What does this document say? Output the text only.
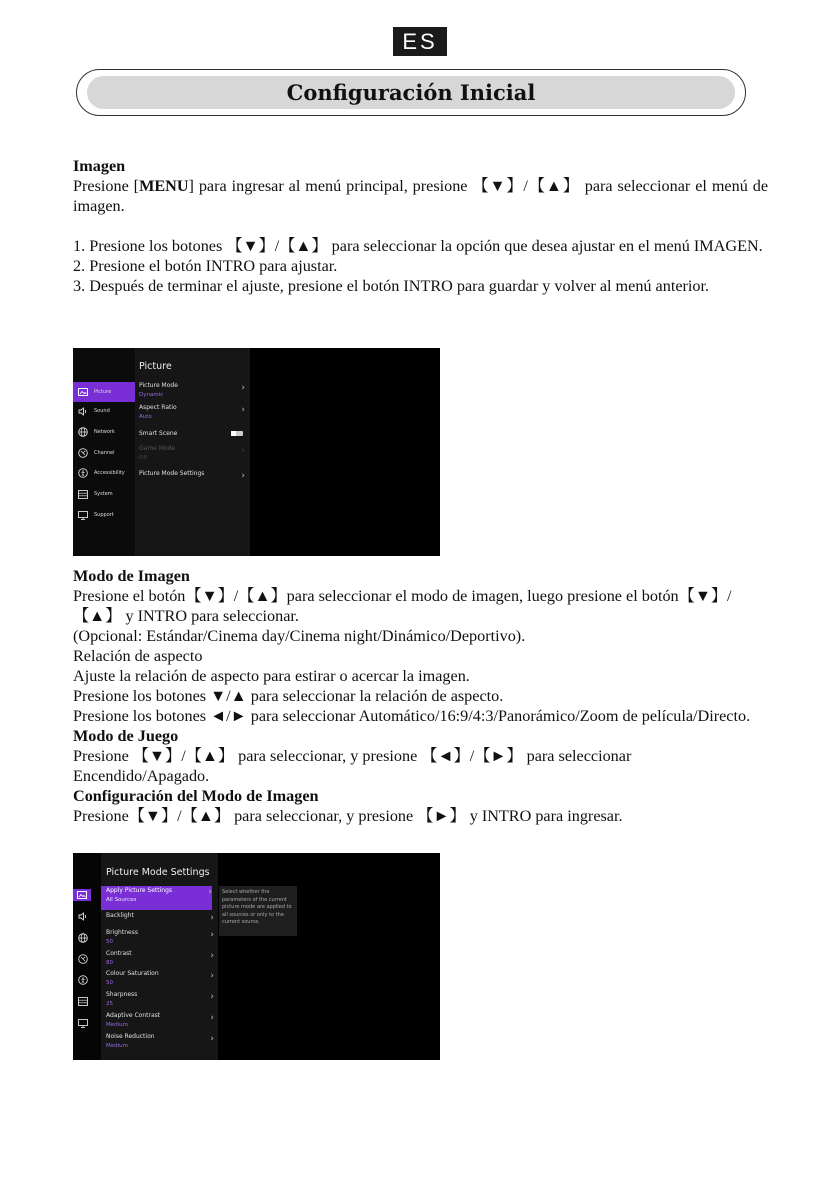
ES
Configuración Inicial

Imagen

Presione [MENU] para ingresar al menú principal, presione 【▼】/【▲】 para seleccionar el menú de imagen.

1. Presione los botones 【▼】/【▲】 para seleccionar la opción que desea ajustar en el menú IMAGEN.

2. Presione el botón INTRO para ajustar.

3. Después de terminar el ajuste, presione el botón INTRO para guardar y volver al menú anterior.

Picture
Sound
Network
Channel
Accessibility
System
Support
Picture
Picture Mode
Dynamic
›
Aspect Ratio
Auto
›
Smart Scene
Game Mode
Off
›
Picture Mode Settings	›

Modo de Imagen

Presione el botón【▼】/【▲】para seleccionar el modo de imagen, luego presione el botón【▼】/【▲】 y INTRO para seleccionar.

(Opcional: Estándar/Cinema day/Cinema night/Dinámico/Deportivo).

Relación de aspecto

Ajuste la relación de aspecto para estirar o acercar la imagen.

Presione los botones ▼/▲ para seleccionar la relación de aspecto.

Presione los botones ◄/► para seleccionar Automático/16:9/4:3/Panorámico/Zoom de película/Directo.

Modo de Juego

Presione 【▼】/【▲】 para seleccionar, y presione 【◄】/【►】 para seleccionar Encendido/Apagado.

Configuración del Modo de Imagen

Presione【▼】/【▲】 para seleccionar, y presione 【►】 y INTRO para ingresar.

Picture Mode Settings
Apply Picture Settings
All Sources
›
Backlight	›
Brightness
50
›
Contrast
80
›
Colour Saturation
50
›
Sharpness
25
›
Adaptive Contrast
Medium
›
Noise Reduction
Medium
›
Select whether the parameters of the current picture mode are applied to all sources or only to the current source.
